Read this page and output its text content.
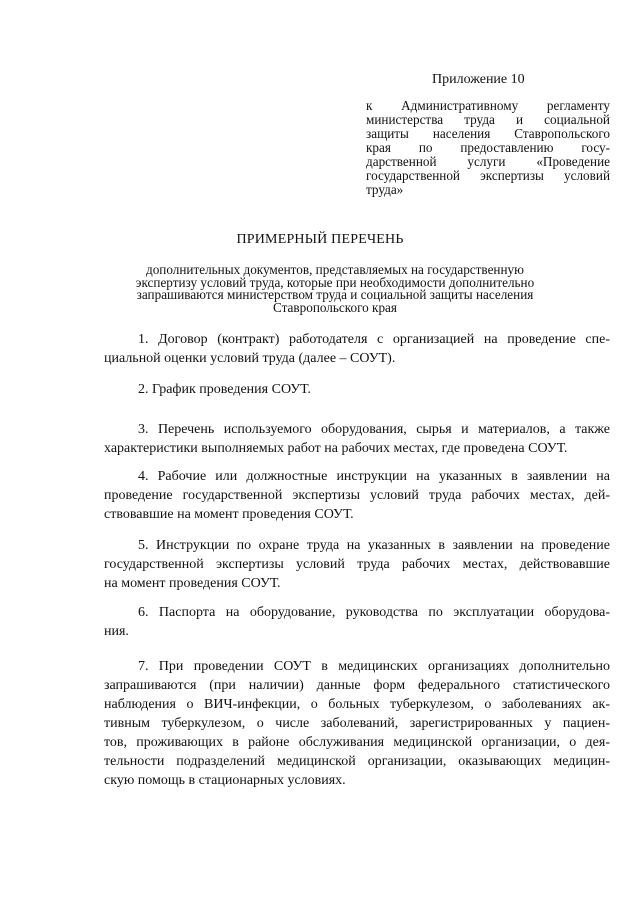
Приложение 10
к Административному регламенту
министерства труда и социальной
защиты населения Ставропольского
края по предоставлению госу-
дарственной услуги «Проведение
государственной экспертизы условий
труда»
ПРИМЕРНЫЙ ПЕРЕЧЕНЬ
дополнительных документов, представляемых на государственную
экспертизу условий труда, которые при необходимости дополнительно
запрашиваются министерством труда и социальной защиты населения
Ставропольского края
1. Договор (контракт) работодателя с организацией на проведение спе-
циальной оценки условий труда (далее – СОУТ).
2. График проведения СОУТ.
3. Перечень используемого оборудования, сырья и материалов, а также
характеристики выполняемых работ на рабочих местах, где проведена СОУТ.
4. Рабочие или должностные инструкции на указанных в заявлении на
проведение государственной экспертизы условий труда рабочих местах, дей-
ствовавшие на момент проведения СОУТ.
5. Инструкции по охране труда на указанных в заявлении на проведение
государственной экспертизы условий труда рабочих местах, действовавшие
на момент проведения СОУТ.
6. Паспорта на оборудование, руководства по эксплуатации оборудова-
ния.
7. При проведении СОУТ в медицинских организациях дополнительно
запрашиваются (при наличии) данные форм федерального статистического
наблюдения о ВИЧ-инфекции, о больных туберкулезом, о заболеваниях ак-
тивным туберкулезом, о числе заболеваний, зарегистрированных у пациен-
тов, проживающих в районе обслуживания медицинской организации, о дея-
тельности подразделений медицинской организации, оказывающих медицин-
скую помощь в стационарных условиях.
